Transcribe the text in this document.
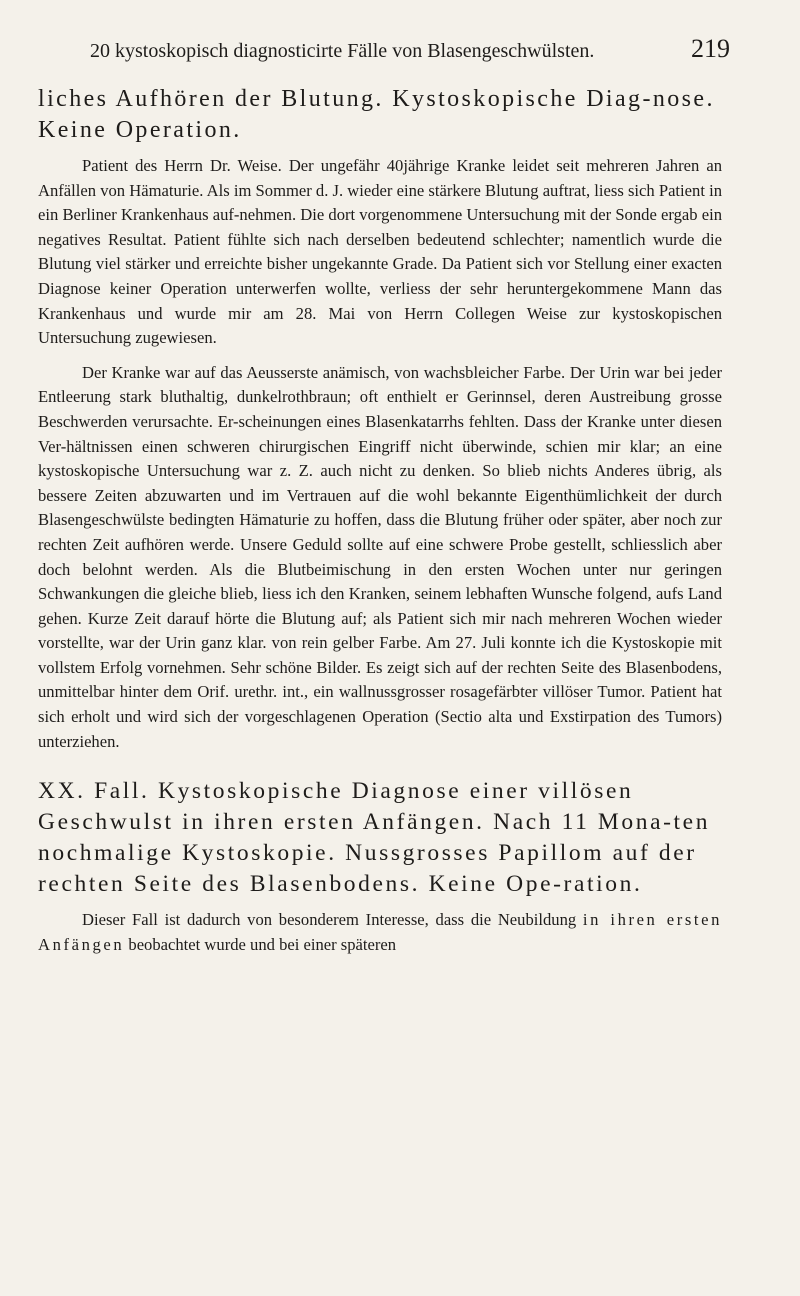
20 kystoskopisch diagnosticirte Fälle von Blasengeschwülsten.	219
liches Aufhören der Blutung. Kystoskopische Diag-nose. Keine Operation.

Patient des Herrn Dr. Weise. Der ungefähr 40jährige Kranke leidet seit mehreren Jahren an Anfällen von Hämaturie. Als im Sommer d. J. wieder eine stärkere Blutung auftrat, liess sich Patient in ein Berliner Krankenhaus auf-nehmen. Die dort vorgenommene Untersuchung mit der Sonde ergab ein negatives Resultat. Patient fühlte sich nach derselben bedeutend schlechter; namentlich wurde die Blutung viel stärker und erreichte bisher ungekannte Grade. Da Patient sich vor Stellung einer exacten Diagnose keiner Operation unterwerfen wollte, verliess der sehr heruntergekommene Mann das Krankenhaus und wurde mir am 28. Mai von Herrn Collegen Weise zur kystoskopischen Untersuchung zugewiesen.

Der Kranke war auf das Aeusserste anämisch, von wachsbleicher Farbe. Der Urin war bei jeder Entleerung stark bluthaltig, dunkelrothbraun; oft enthielt er Gerinnsel, deren Austreibung grosse Beschwerden verursachte. Er-scheinungen eines Blasenkatarrhs fehlten. Dass der Kranke unter diesen Ver-hältnissen einen schweren chirurgischen Eingriff nicht überwinde, schien mir klar; an eine kystoskopische Untersuchung war z. Z. auch nicht zu denken. So blieb nichts Anderes übrig, als bessere Zeiten abzuwarten und im Vertrauen auf die wohl bekannte Eigenthümlichkeit der durch Blasengeschwülste bedingten Hämaturie zu hoffen, dass die Blutung früher oder später, aber noch zur rechten Zeit aufhören werde. Unsere Geduld sollte auf eine schwere Probe gestellt, schliesslich aber doch belohnt werden. Als die Blutbeimischung in den ersten Wochen unter nur geringen Schwankungen die gleiche blieb, liess ich den Kranken, seinem lebhaften Wunsche folgend, aufs Land gehen. Kurze Zeit darauf hörte die Blutung auf; als Patient sich mir nach mehreren Wochen wieder vorstellte, war der Urin ganz klar. von rein gelber Farbe. Am 27. Juli konnte ich die Kystoskopie mit vollstem Erfolg vornehmen. Sehr schöne Bilder. Es zeigt sich auf der rechten Seite des Blasenbodens, unmittelbar hinter dem Orif. urethr. int., ein wallnussgrosser rosagefärbter villöser Tumor. Patient hat sich erholt und wird sich der vorgeschlagenen Operation (Sectio alta und Exstirpation des Tumors) unterziehen.

XX. Fall. Kystoskopische Diagnose einer villösen Geschwulst in ihren ersten Anfängen. Nach 11 Mona-ten nochmalige Kystoskopie. Nussgrosses Papillom auf der rechten Seite des Blasenbodens. Keine Ope-ration.

Dieser Fall ist dadurch von besonderem Interesse, dass die Neubildung in ihren ersten Anfängen beobachtet wurde und bei einer späteren
